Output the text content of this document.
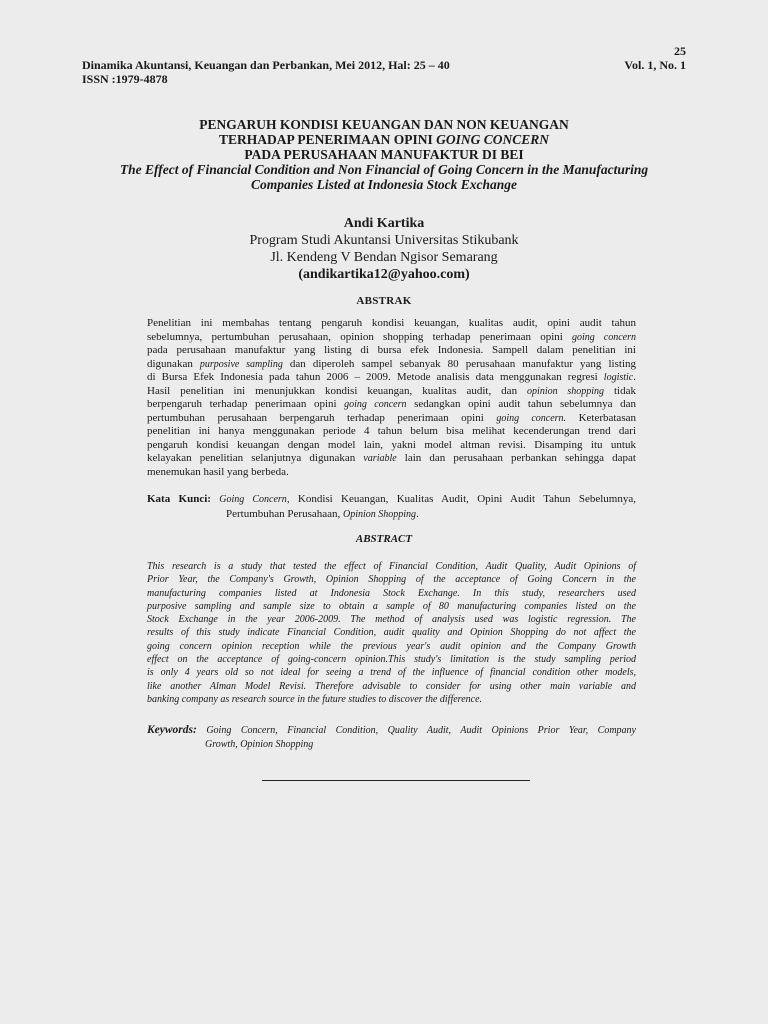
25
Dinamika Akuntansi, Keuangan dan Perbankan, Mei 2012, Hal: 25 – 40	Vol. 1, No. 1
ISSN :1979-4878
PENGARUH KONDISI KEUANGAN DAN NON KEUANGAN
TERHADAP PENERIMAAN OPINI GOING CONCERN
PADA PERUSAHAAN MANUFAKTUR DI BEI
The Effect of Financial Condition and Non Financial of Going Concern in the Manufacturing
Companies Listed at Indonesia Stock Exchange
Andi Kartika
Program Studi Akuntansi Universitas Stikubank
Jl. Kendeng V Bendan Ngisor Semarang
(andikartika12@yahoo.com)
ABSTRAK
Penelitian ini membahas tentang pengaruh kondisi keuangan, kualitas audit, opini audit tahun
sebelumnya, pertumbuhan perusahaan, opinion shopping terhadap penerimaan opini going concern
pada perusahaan manufaktur yang listing di bursa efek Indonesia. Sampell dalam penelitian ini
digunakan purposive sampling dan diperoleh sampel sebanyak 80 perusahaan manufaktur yang listing
di Bursa Efek Indonesia pada tahun 2006 – 2009. Metode analisis data menggunakan regresi logistic.
Hasil penelitian ini menunjukkan kondisi keuangan, kualitas audit, dan opinion shopping tidak
berpengaruh terhadap penerimaan opini going concern sedangkan opini audit tahun sebelumnya dan
pertumbuhan perusahaan berpengaruh terhadap penerimaan opini going concern. Keterbatasan
penelitian ini hanya menggunakan periode 4 tahun belum bisa melihat kecenderungan trend dari
pengaruh kondisi keuangan dengan model lain, yakni model altman revisi. Disamping itu untuk
kelayakan penelitian selanjutnya digunakan variable lain dan perusahaan perbankan sehingga dapat
menemukan hasil yang berbeda.
Kata Kunci: Going Concern, Kondisi Keuangan, Kualitas Audit, Opini Audit Tahun Sebelumnya,
Pertumbuhan Perusahaan, Opinion Shopping.
ABSTRACT
This research is a study that tested the effect of Financial Condition, Audit Quality, Audit Opinions of
Prior Year, the Company's Growth, Opinion Shopping of the acceptance of Going Concern in the
manufacturing companies listed at Indonesia Stock Exchange. In this study, researchers used
purposive sampling and sample size to obtain a sample of 80 manufacturing companies listed on the
Stock Exchange in the year 2006-2009. The method of analysis used was logistic regression. The
results of this study indicate Financial Condition, audit quality and Opinion Shopping do not affect the
going concern opinion reception while the previous year's audit opinion and the Company Growth
effect on the acceptance of going-concern opinion.This study's limitation is the study sampling period
is only 4 years old so not ideal for seeing a trend of the influence of financial condition other models,
like another Alman Model Revisi. Therefore advisable to consider for using other main variable and
banking company as research source in the future studies to discover the difference.
Keywords: Going Concern, Financial Condition, Quality Audit, Audit Opinions Prior Year, Company
Growth, Opinion Shopping
